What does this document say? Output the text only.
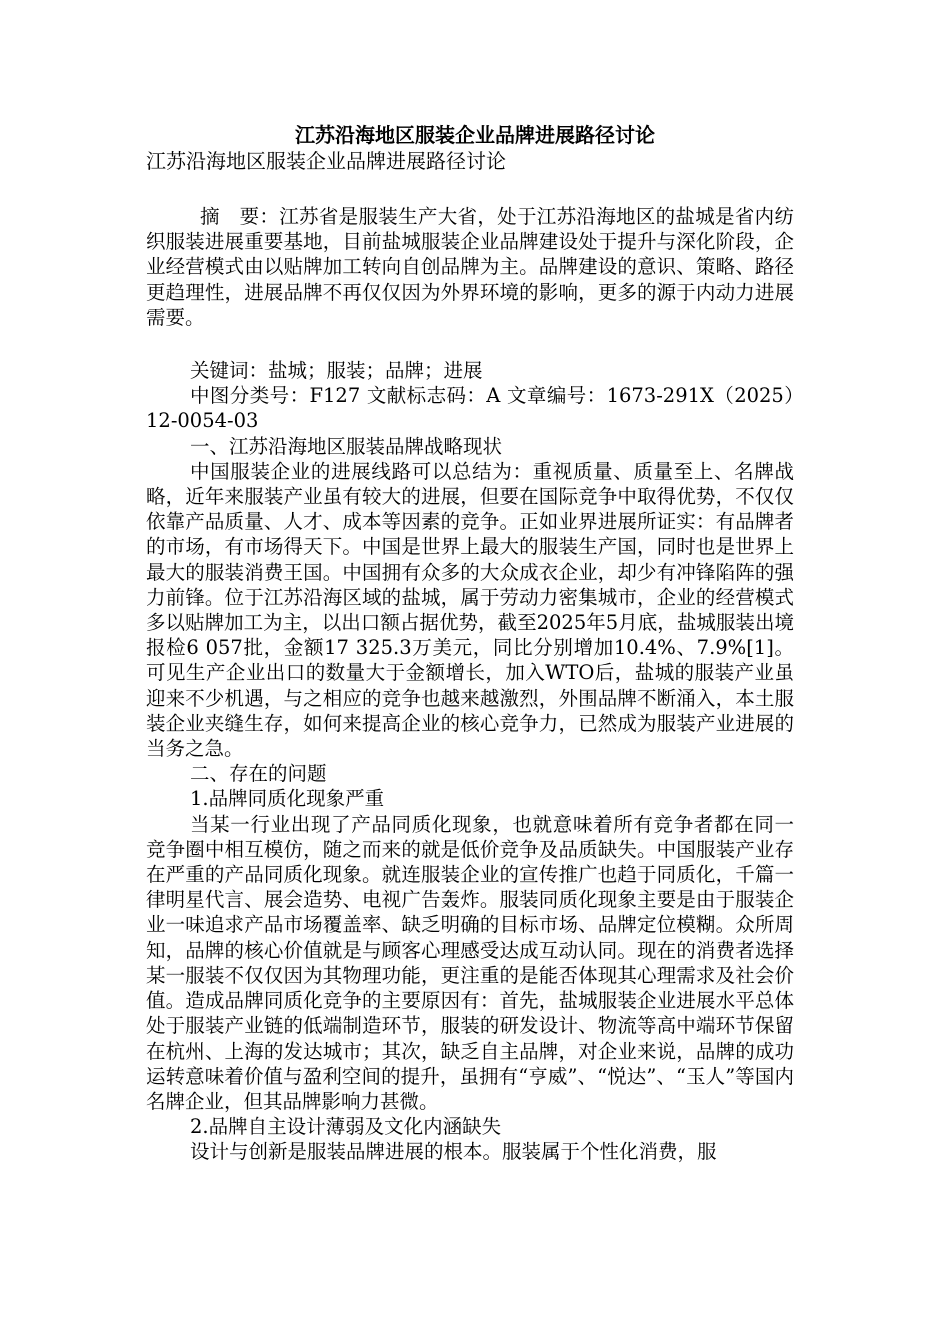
江苏沿海地区服装企业品牌进展路径讨论

江苏沿海地区服装企业品牌进展路径讨论

摘　要：江苏省是服装生产大省，处于江苏沿海地区的盐城是省内纺织服装进展重要基地，目前盐城服装企业品牌建设处于提升与深化阶段，企业经营模式由以贴牌加工转向自创品牌为主。品牌建设的意识、策略、路径更趋理性，进展品牌不再仅仅因为外界环境的影响，更多的源于内动力进展需要。

关键词：盐城；服装；品牌；进展

中图分类号：F127 文献标志码：A 文章编号：1673-291X（2025）12-0054-03

一、江苏沿海地区服装品牌战略现状

中国服装企业的进展线路可以总结为：重视质量、质量至上、名牌战略，近年来服装产业虽有较大的进展，但要在国际竞争中取得优势，不仅仅依靠产品质量、人才、成本等因素的竞争。正如业界进展所证实：有品牌者的市场，有市场得天下。中国是世界上最大的服装生产国，同时也是世界上最大的服装消费王国。中国拥有众多的大众成衣企业，却少有冲锋陷阵的强力前锋。位于江苏沿海区域的盐城，属于劳动力密集城市，企业的经营模式多以贴牌加工为主，以出口额占据优势，截至2025年5月底，盐城服装出境报检6 057批，金额17 325.3万美元，同比分别增加10.4%、7.9%[1]。可见生产企业出口的数量大于金额增长，加入WTO后，盐城的服装产业虽迎来不少机遇，与之相应的竞争也越来越激烈，外围品牌不断涌入，本土服装企业夹缝生存，如何来提高企业的核心竞争力，已然成为服装产业进展的当务之急。

二、存在的问题

1.品牌同质化现象严重

当某一行业出现了产品同质化现象，也就意味着所有竞争者都在同一竞争圈中相互模仿，随之而来的就是低价竞争及品质缺失。中国服装产业存在严重的产品同质化现象。就连服装企业的宣传推广也趋于同质化，千篇一律明星代言、展会造势、电视广告轰炸。服装同质化现象主要是由于服装企业一味追求产品市场覆盖率、缺乏明确的目标市场、品牌定位模糊。众所周知，品牌的核心价值就是与顾客心理感受达成互动认同。现在的消费者选择某一服装不仅仅因为其物理功能，更注重的是能否体现其心理需求及社会价值。造成品牌同质化竞争的主要原因有：首先，盐城服装企业进展水平总体处于服装产业链的低端制造环节，服装的研发设计、物流等高中端环节保留在杭州、上海的发达城市；其次，缺乏自主品牌，对企业来说，品牌的成功运转意味着价值与盈利空间的提升，虽拥有“亨威”、“悦达”、“玉人”等国内名牌企业，但其品牌影响力甚微。

2.品牌自主设计薄弱及文化内涵缺失

设计与创新是服装品牌进展的根本。服装属于个性化消费，服
